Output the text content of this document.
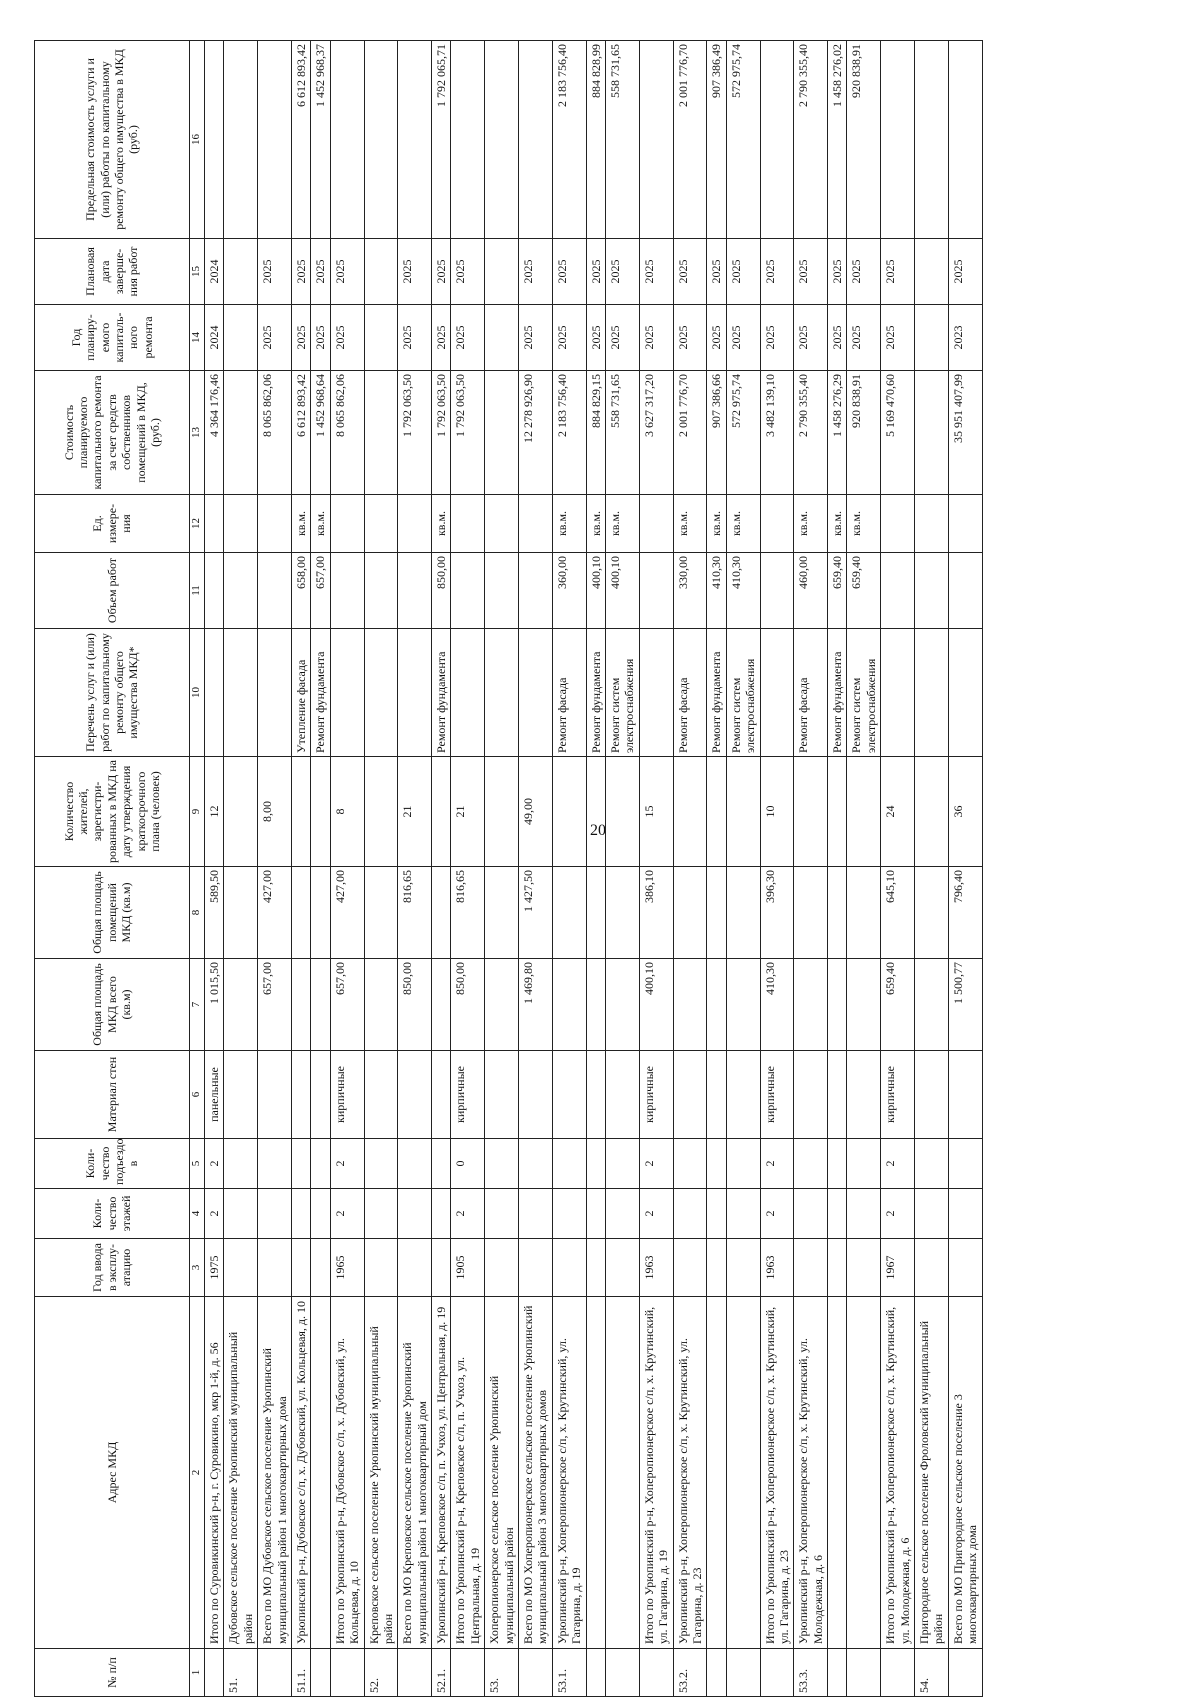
20
№ п/п	Адрес МКД	Год ввода в эксплу-атацию	Коли-чество этажей	Коли-чество подъездо в	Материал стен	Общая площадь МКД всего (кв.м)	Общая площадь помещений МКД (кв.м)	Количество жителей, зарегистри-рованных в МКД на дату утверждения краткосрочного плана (человек)	Перечень услуг и (или) работ по капитальному ремонту общего имущества МКД*	Объем работ	Ед. измере-ния	Стоимость планируемого капитального ремонта за счет средств собственников помещений в МКД, (руб.)	Год планиру-емого капиталь-ного ремонта	Плановая дата заверше-ния работ	Предельная стоимость услуги и (или) работы по капитальному ремонту общего имущества в МКД (руб.)
1	2	3	4	5	6	7	8	9	10	11	12	13	14	15	16
	Итого по Суровикинский р-н, г. Суровикино, мкр 1-й, д. 56	1975	2	2	панельные	1 015,50	589,50	12				4 364 176,46	2024	2024	
51.	Дубовское сельское поселение Урюпинский муниципальный район														
	Всего по МО Дубовское сельское поселение Урюпинский муниципальный район 1 многоквартирных дома					657,00	427,00	8,00				8 065 862,06	2025	2025	
51.1.	Урюпинский р-н, Дубовское с/п, х. Дубовский, ул. Кольцевая, д. 10								Утепление фасада	658,00	кв.м.	6 612 893,42	2025	2025	6 612 893,42
									Ремонт фундамента	657,00	кв.м.	1 452 968,64	2025	2025	1 452 968,37
	Итого по Урюпинский р-н, Дубовское с/п, х. Дубовский, ул. Кольцевая, д. 10	1965	2	2	кирпичные	657,00	427,00	8				8 065 862,06	2025	2025	
52.	Креповское сельское поселение Урюпинский муниципальный район														
	Всего по МО Креповское сельское поселение Урюпинский муниципальный район 1 многоквартирный дом					850,00	816,65	21				1 792 063,50	2025	2025	
52.1.	Урюпинский р-н, Креповское с/п, п. Учхоз, ул. Центральная, д. 19								Ремонт фундамента	850,00	кв.м.	1 792 063,50	2025	2025	1 792 065,71
	Итого по Урюпинский р-н, Креповское с/п, п. Учхоз, ул. Центральная, д. 19	1905	2	0	кирпичные	850,00	816,65	21				1 792 063,50	2025	2025	
53.	Хоперопионерское сельское поселение Урюпинский муниципальный район														
	Всего по МО Хоперопионерское сельское поселение Урюпинский муниципальный район 3 многоквартирных домов					1 469,80	1 427,50	49,00				12 278 926,90	2025	2025	
53.1.	Урюпинский р-н, Хоперопионерское с/п, х. Крутинский, ул. Гагарина, д. 19								Ремонт фасада	360,00	кв.м.	2 183 756,40	2025	2025	2 183 756,40
									Ремонт фундамента	400,10	кв.м.	884 829,15	2025	2025	884 828,99
									Ремонт систем электроснабжения	400,10	кв.м.	558 731,65	2025	2025	558 731,65
	Итого по Урюпинский р-н, Хоперопионерское с/п, х. Крутинский, ул. Гагарина, д. 19	1963	2	2	кирпичные	400,10	386,10	15				3 627 317,20	2025	2025	
53.2.	Урюпинский р-н, Хоперопионерское с/п, х. Крутинский, ул. Гагарина, д. 23								Ремонт фасада	330,00	кв.м.	2 001 776,70	2025	2025	2 001 776,70
									Ремонт фундамента	410,30	кв.м.	907 386,66	2025	2025	907 386,49
									Ремонт систем электроснабжения	410,30	кв.м.	572 975,74	2025	2025	572 975,74
	Итого по Урюпинский р-н, Хоперопионерское с/п, х. Крутинский, ул. Гагарина, д. 23	1963	2	2	кирпичные	410,30	396,30	10				3 482 139,10	2025	2025	
53.3.	Урюпинский р-н, Хоперопионерское с/п, х. Крутинский, ул. Молодежная, д. 6								Ремонт фасада	460,00	кв.м.	2 790 355,40	2025	2025	2 790 355,40
									Ремонт фундамента	659,40	кв.м.	1 458 276,29	2025	2025	1 458 276,02
									Ремонт систем электроснабжения	659,40	кв.м.	920 838,91	2025	2025	920 838,91
	Итого по Урюпинский р-н, Хоперопионерское с/п, х. Крутинский, ул. Молодежная, д. 6	1967	2	2	кирпичные	659,40	645,10	24				5 169 470,60	2025	2025	
54.	Пригородное сельское поселение Фроловский муниципальный район														
	Всего по МО Пригородное сельское поселение 3 многоквартирных дома					1 500,77	796,40	36				35 951 407,99	2023	2025	
